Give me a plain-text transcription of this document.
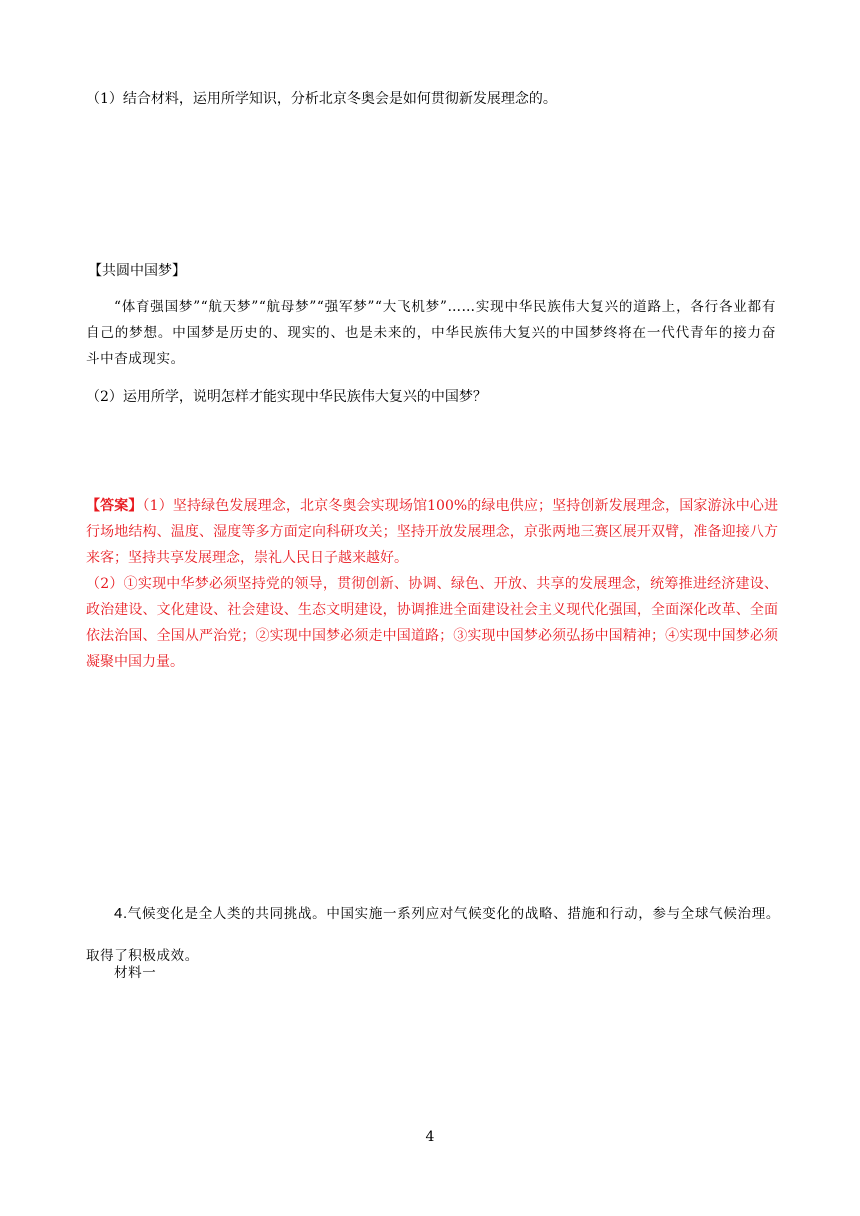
（1）结合材料，运用所学知识，分析北京冬奥会是如何贯彻新发展理念的。
【共圆中国梦】
“体育强国梦”“航天梦”“航母梦”“强军梦”“大飞机梦”……实现中华民族伟大复兴的道路上，各行各业都有自己的梦想。中国梦是历史的、现实的、也是未来的，中华民族伟大复兴的中国梦终将在一代代青年的接力奋斗中杳成现实。
（2）运用所学，说明怎样才能实现中华民族伟大复兴的中国梦？

【答案】（1）坚持绿色发展理念，北京冬奥会实现场馆100%的绿电供应；坚持创新发展理念，国家游泳中心进行场地结构、温度、湿度等多方面定向科研攻关；坚持开放发展理念，京张两地三赛区展开双臂，准备迎接八方来客；坚持共享发展理念，崇礼人民日子越来越好。

（2）①实现中华梦必须坚持党的领导，贯彻创新、协调、绿色、开放、共享的发展理念，统筹推进经济建设、政治建设、文化建设、社会建设、生态文明建设，协调推进全面建设社会主义现代化强国，全面深化改革、全面依法治国、全国从严治党；②实现中国梦必须走中国道路；③实现中国梦必须弘扬中国精神；④实现中国梦必须凝聚中国力量。

4.气候变化是全人类的共同挑战。中国实施一系列应对气候变化的战略、措施和行动，参与全球气候治理。取得了积极成效。
材料一
4
